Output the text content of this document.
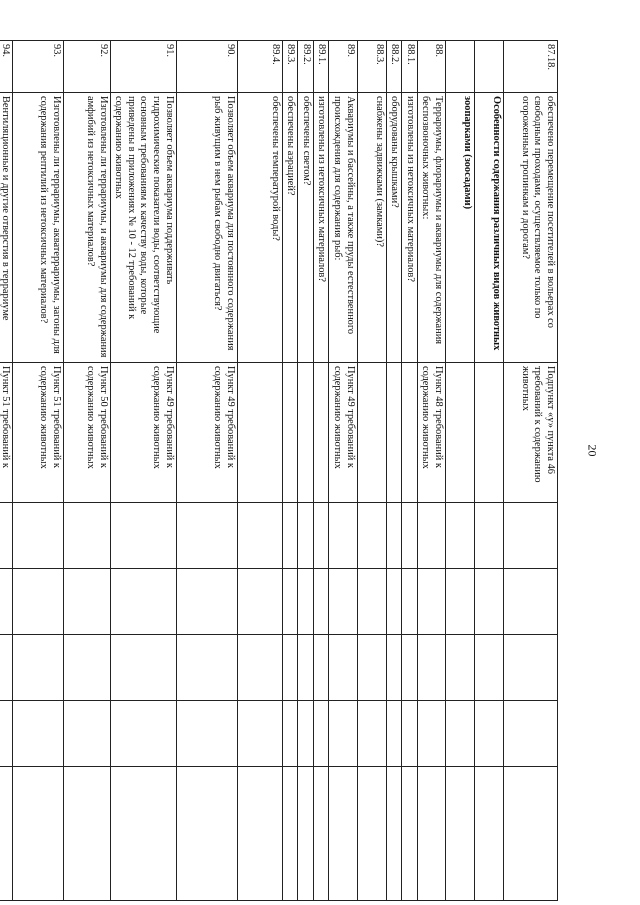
20
87.18.	обеспечено перемещение посетителей в вольерах со свободным проходами, осуществляемое только по огороженным тропинкам и дорогам?	Подпункт «у» пункта 46 требований к содержанию животных					
	Особенности содержания различных видов животных						
	зоопарками (зоосадами)						
88.	Террариумы, флорариумы и аквариумы для содержания беспозвоночных животных:	Пункт 48 требований к содержанию животных					
88.1.	изготовлены из нетоксичных материалов?						
88.2.	оборудованы крышками?						
88.3.	снабжены задвижками (замками)?						
89.	Аквариумы и бассейны, а также пруды естественного происхождения для содержания рыб:	Пункт 49 требований к содержанию животных					
89.1.	изготовлены из нетоксичных материалов?						
89.2.	обеспечены светом?						
89.3.	обеспечены аэрацией?						
89.4.	обеспечены температурой воды?						
90.	Позволяет объем аквариума для постоянного содержания рыб живущим в нем рыбам свободно двигаться?	Пункт 49 требований к содержанию животных					
91.	Позволяет объем аквариума поддерживать гидрохимические показатели воды, соответствующие основным требованиям к качеству воды, которые приведены в приложениях № 10 - 12 требований к содержанию животных	Пункт 49 требований к содержанию животных					
92.	Изготовлены ли террариумы, и аквариумы для содержания амфибий из нетоксичных материалов?	Пункт 50 требований к содержанию животных					
93.	Изготовлены ли террариумы, акватеррариумы, загоны для содержания рептилий из нетоксичных материалов?	Пункт 51 требований к содержанию животных					
94.	Вентиляционные и другие отверстия в террариуме	Пункт 51 требований к					
